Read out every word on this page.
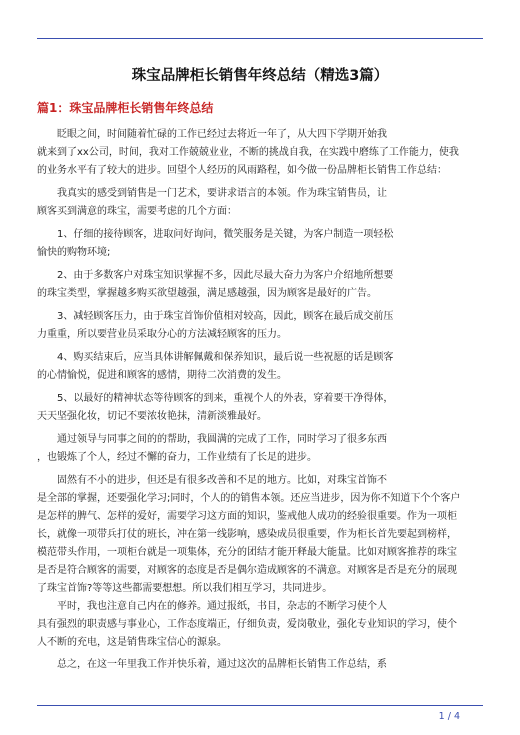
珠宝品牌柜长销售年终总结（精选3篇）
篇1：珠宝品牌柜长销售年终总结
　　眨眼之间，时间随着忙碌的工作已经过去将近一年了，从大四下学期开始我
就来到了xx公司，时间，我对工作兢兢业业，不断的挑战自我，在实践中磨练了工作能力，使我
的业务水平有了较大的进步。回望个人经历的风雨路程，如今做一份品牌柜长销售工作总结：
　　我真实的感受到销售是一门艺术，要讲求语言的本领。作为珠宝销售员，让
顾客买到满意的珠宝，需要考虑的几个方面：
　　1、仔细的接待顾客，进取问好询问，微笑服务是关键，为客户制造一项轻松
愉快的购物环境;
　　2、由于多数客户对珠宝知识掌握不多，因此尽最大奋力为客户介绍地所想要
的珠宝类型，掌握越多购买欲望越强，满足感越强，因为顾客是最好的广告。
　　3、减轻顾客压力，由于珠宝首饰价值相对较高，因此，顾客在最后成交前压
力重重，所以要营业员采取分心的方法减轻顾客的压力。
　　4、购买结束后，应当具体讲解佩戴和保养知识，最后说一些祝愿的话是顾客
的心情愉悦，促进和顾客的感情，期待二次消费的发生。
　　5、以最好的精神状态等待顾客的到来，重视个人的外表，穿着要干净得体，
天天坚强化妆，切记不要浓妆艳抹，清新淡雅最好。
　　通过领导与同事之间的的帮助，我圆满的完成了工作，同时学习了很多东西
，也锻炼了个人，经过不懈的奋力，工作业绩有了长足的进步。
　　固然有不小的进步，但还是有很多改善和不足的地方。比如，对珠宝首饰不
是全部的掌握，还要强化学习;同时，个人的的销售本领。还应当进步，因为你不知道下个个客户
是怎样的脾气、怎样的爱好，需要学习这方面的知识，鉴戒他人成功的经验很重要。作为一项柜
长，就像一项带兵打仗的班长，冲在第一线影响，感染成员很重要，作为柜长首先要起到榜样，
模范带头作用，一项柜台就是一项集体，充分的团结才能开释最大能量。比如对顾客推荐的珠宝
是否是符合顾客的需要，对顾客的态度是否是偶尔造成顾客的不满意。对顾客是否是充分的展现
了珠宝首饰?等等这些都需要想想。所以我们相互学习，共同进步。
　　平时，我也注意自己内在的修养。通过报纸，书目，杂志的不断学习使个人
具有强烈的职责感与事业心，工作态度端正，仔细负责，爱岗敬业，强化专业知识的学习，使个
人不断的充电，这是销售珠宝信心的源泉。
　　总之，在这一年里我工作并快乐着，通过这次的品牌柜长销售工作总结，系
1 / 4
